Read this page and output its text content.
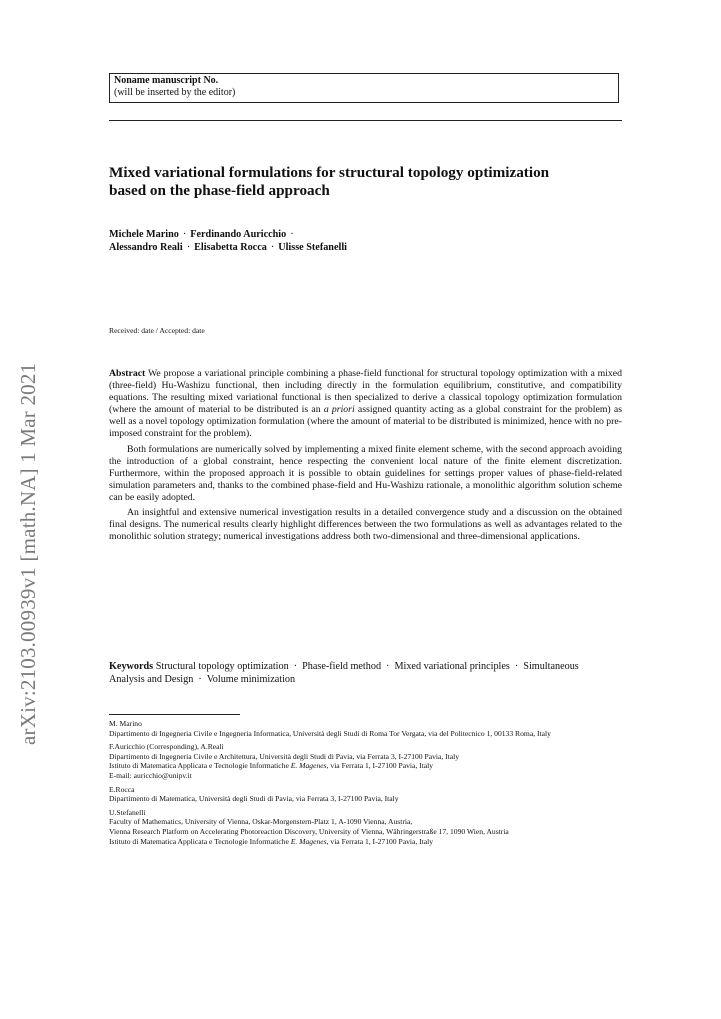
Noname manuscript No.
(will be inserted by the editor)
Mixed variational formulations for structural topology optimization based on the phase-field approach
Michele Marino · Ferdinando Auricchio ·
Alessandro Reali · Elisabetta Rocca · Ulisse Stefanelli
Received: date / Accepted: date

Abstract We propose a variational principle combining a phase-field functional for structural topology optimization with a mixed (three-field) Hu-Washizu functional, then including directly in the formulation equilibrium, constitutive, and compatibility equations. The resulting mixed variational functional is then specialized to derive a classical topology optimization formulation (where the amount of material to be distributed is an a priori assigned quantity acting as a global constraint for the problem) as well as a novel topology optimization formulation (where the amount of material to be distributed is minimized, hence with no pre-imposed constraint for the problem).

Both formulations are numerically solved by implementing a mixed finite element scheme, with the second approach avoiding the introduction of a global constraint, hence respecting the convenient local nature of the finite element discretization. Furthermore, within the proposed approach it is possible to obtain guidelines for settings proper values of phase-field-related simulation parameters and, thanks to the combined phase-field and Hu-Washizu rationale, a monolithic algorithm solution scheme can be easily adopted.

An insightful and extensive numerical investigation results in a detailed convergence study and a discussion on the obtained final designs. The numerical results clearly highlight differences between the two formulations as well as advantages related to the monolithic solution strategy; numerical investigations address both two-dimensional and three-dimensional applications.

Keywords Structural topology optimization · Phase-field method · Mixed variational principles · Simultaneous Analysis and Design · Volume minimization
M. Marino
Dipartimento di Ingegneria Civile e Ingegneria Informatica, Università degli Studi di Roma Tor Vergata, via del Politecnico 1, 00133 Roma, Italy
F.Auricchio (Corresponding), A.Reali
Dipartimento di Ingegneria Civile e Architettura, Università degli Studi di Pavia, via Ferrata 3, I-27100 Pavia, Italy
Istituto di Matematica Applicata e Tecnologie Informatiche E. Magenes, via Ferrata 1, I-27100 Pavia, Italy
E-mail: auricchio@unipv.it
E.Rocca
Dipartimento di Matematica, Università degli Studi di Pavia, via Ferrata 3, I-27100 Pavia, Italy
U.Stefanelli
Faculty of Mathematics, University of Vienna, Oskar-Morgenstern-Platz 1, A-1090 Vienna, Austria,
Vienna Research Platform on Accelerating Photoreaction Discovery, University of Vienna, Währingerstraße 17, 1090 Wien, Austria
Istituto di Matematica Applicata e Tecnologie Informatiche E. Magenes, via Ferrata 1, I-27100 Pavia, Italy
arXiv:2103.00939v1 [math.NA] 1 Mar 2021
